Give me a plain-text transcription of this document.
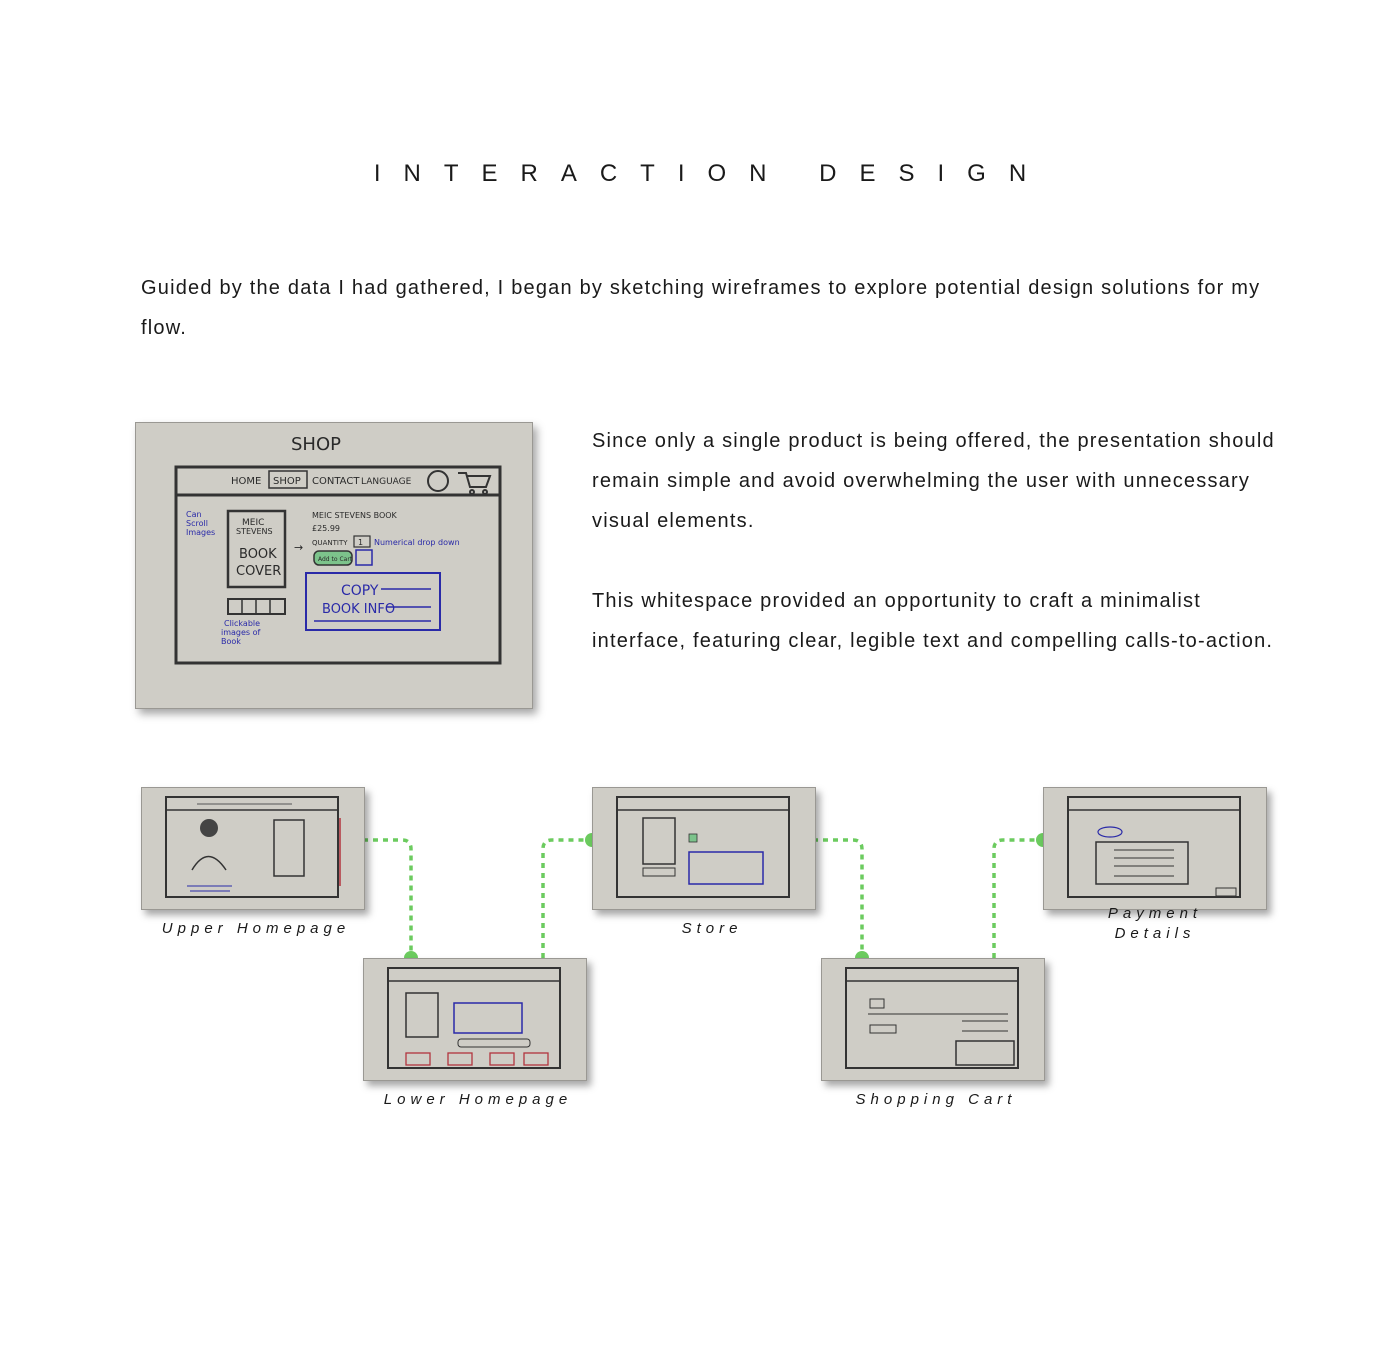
INTERACTION DESIGN
Guided by the data I had gathered, I began by sketching wireframes to explore potential design solutions for my flow.
SHOP
HOME SHOP CONTACT LANGUAGE
MEIC
STEVENS
BOOK
COVER
→
MEIC STEVENS BOOK
£25.99
QUANTITY 1 Numerical drop down
Add to Cart
COPY
BOOK INFO
Can
Scroll
Images
Clickable
images of
Book
Since only a single product is being offered, the presentation should remain simple and avoid overwhelming the user with unnecessary visual elements.
This whitespace provided an opportunity to craft a minimalist interface, featuring clear, legible text and compelling calls-to-action.
Upper Homepage
Lower Homepage
Store
Shopping Cart
Payment Details
